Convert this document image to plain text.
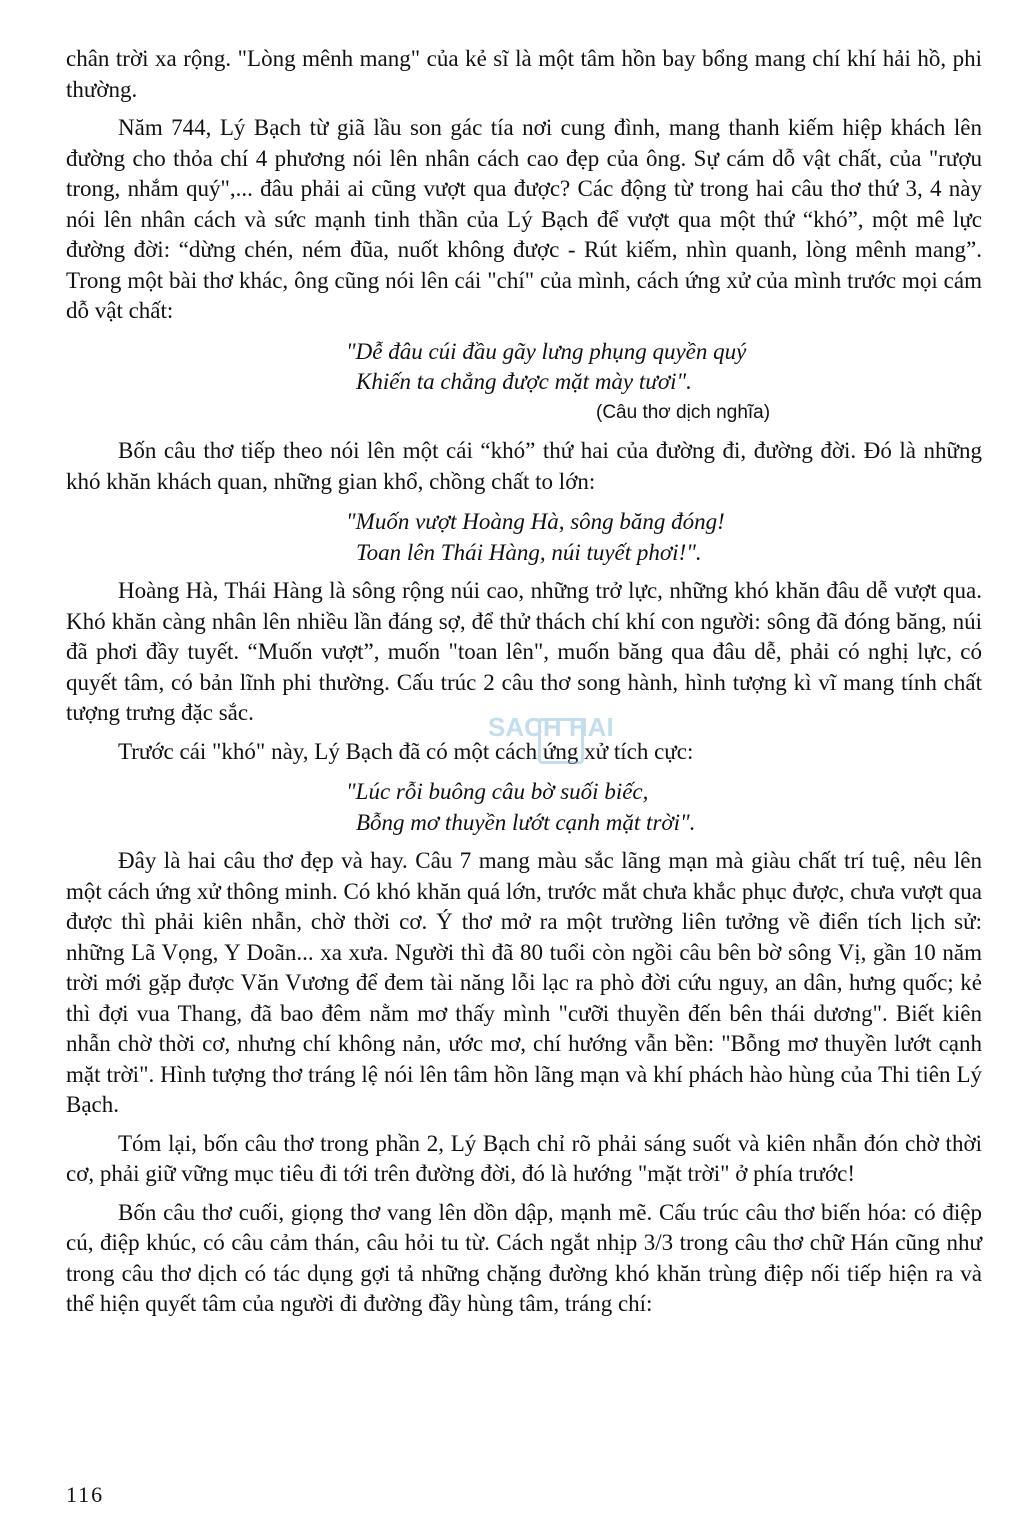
chân trời xa rộng. "Lòng mênh mang" của kẻ sĩ là một tâm hồn bay bổng mang chí khí hải hồ, phi thường.

Năm 744, Lý Bạch từ giã lầu son gác tía nơi cung đình, mang thanh kiếm hiệp khách lên đường cho thỏa chí 4 phương nói lên nhân cách cao đẹp của ông. Sự cám dỗ vật chất, của "rượu trong, nhắm quý",... đâu phải ai cũng vượt qua được? Các động từ trong hai câu thơ thứ 3, 4 này nói lên nhân cách và sức mạnh tinh thần của Lý Bạch để vượt qua một thứ “khó”, một mê lực đường đời: “dừng chén, ném đũa, nuốt không được - Rút kiếm, nhìn quanh, lòng mênh mang”. Trong một bài thơ khác, ông cũng nói lên cái "chí" của mình, cách ứng xử của mình trước mọi cám dỗ vật chất:

"Dễ đâu cúi đầu gãy lưng phụng quyền quý
Khiến ta chẳng được mặt mày tươi".
(Câu thơ dịch nghĩa)

Bốn câu thơ tiếp theo nói lên một cái “khó” thứ hai của đường đi, đường đời. Đó là những khó khăn khách quan, những gian khổ, chồng chất to lớn:

"Muốn vượt Hoàng Hà, sông băng đóng!
Toan lên Thái Hàng, núi tuyết phơi!".

Hoàng Hà, Thái Hàng là sông rộng núi cao, những trở lực, những khó khăn đâu dễ vượt qua. Khó khăn càng nhân lên nhiều lần đáng sợ, để thử thách chí khí con người: sông đã đóng băng, núi đã phơi đầy tuyết. “Muốn vượt”, muốn "toan lên", muốn băng qua đâu dễ, phải có nghị lực, có quyết tâm, có bản lĩnh phi thường. Cấu trúc 2 câu thơ song hành, hình tượng kì vĩ mang tính chất tượng trưng đặc sắc.

Trước cái "khó" này, Lý Bạch đã có một cách ứng xử tích cực:

"Lúc rỗi buông câu bờ suối biếc,
Bỗng mơ thuyền lướt cạnh mặt trời".

Đây là hai câu thơ đẹp và hay. Câu 7 mang màu sắc lãng mạn mà giàu chất trí tuệ, nêu lên một cách ứng xử thông minh. Có khó khăn quá lớn, trước mắt chưa khắc phục được, chưa vượt qua được thì phải kiên nhẫn, chờ thời cơ. Ý thơ mở ra một trường liên tưởng về điển tích lịch sử: những Lã Vọng, Y Doãn... xa xưa. Người thì đã 80 tuổi còn ngồi câu bên bờ sông Vị, gần 10 năm trời mới gặp được Văn Vương để đem tài năng lỗi lạc ra phò đời cứu nguy, an dân, hưng quốc; kẻ thì đợi vua Thang, đã bao đêm nằm mơ thấy mình "cưỡi thuyền đến bên thái dương". Biết kiên nhẫn chờ thời cơ, nhưng chí không nản, ước mơ, chí hướng vẫn bền: "Bỗng mơ thuyền lướt cạnh mặt trời". Hình tượng thơ tráng lệ nói lên tâm hồn lãng mạn và khí phách hào hùng của Thi tiên Lý Bạch.

Tóm lại, bốn câu thơ trong phần 2, Lý Bạch chỉ rõ phải sáng suốt và kiên nhẫn đón chờ thời cơ, phải giữ vững mục tiêu đi tới trên đường đời, đó là hướng "mặt trời" ở phía trước!

Bốn câu thơ cuối, giọng thơ vang lên dồn dập, mạnh mẽ. Cấu trúc câu thơ biến hóa: có điệp cú, điệp khúc, có câu cảm thán, câu hỏi tu từ. Cách ngắt nhịp 3/3 trong câu thơ chữ Hán cũng như trong câu thơ dịch có tác dụng gợi tả những chặng đường khó khăn trùng điệp nối tiếp hiện ra và thể hiện quyết tâm của người đi đường đầy hùng tâm, tráng chí:

SACH HAI
116
